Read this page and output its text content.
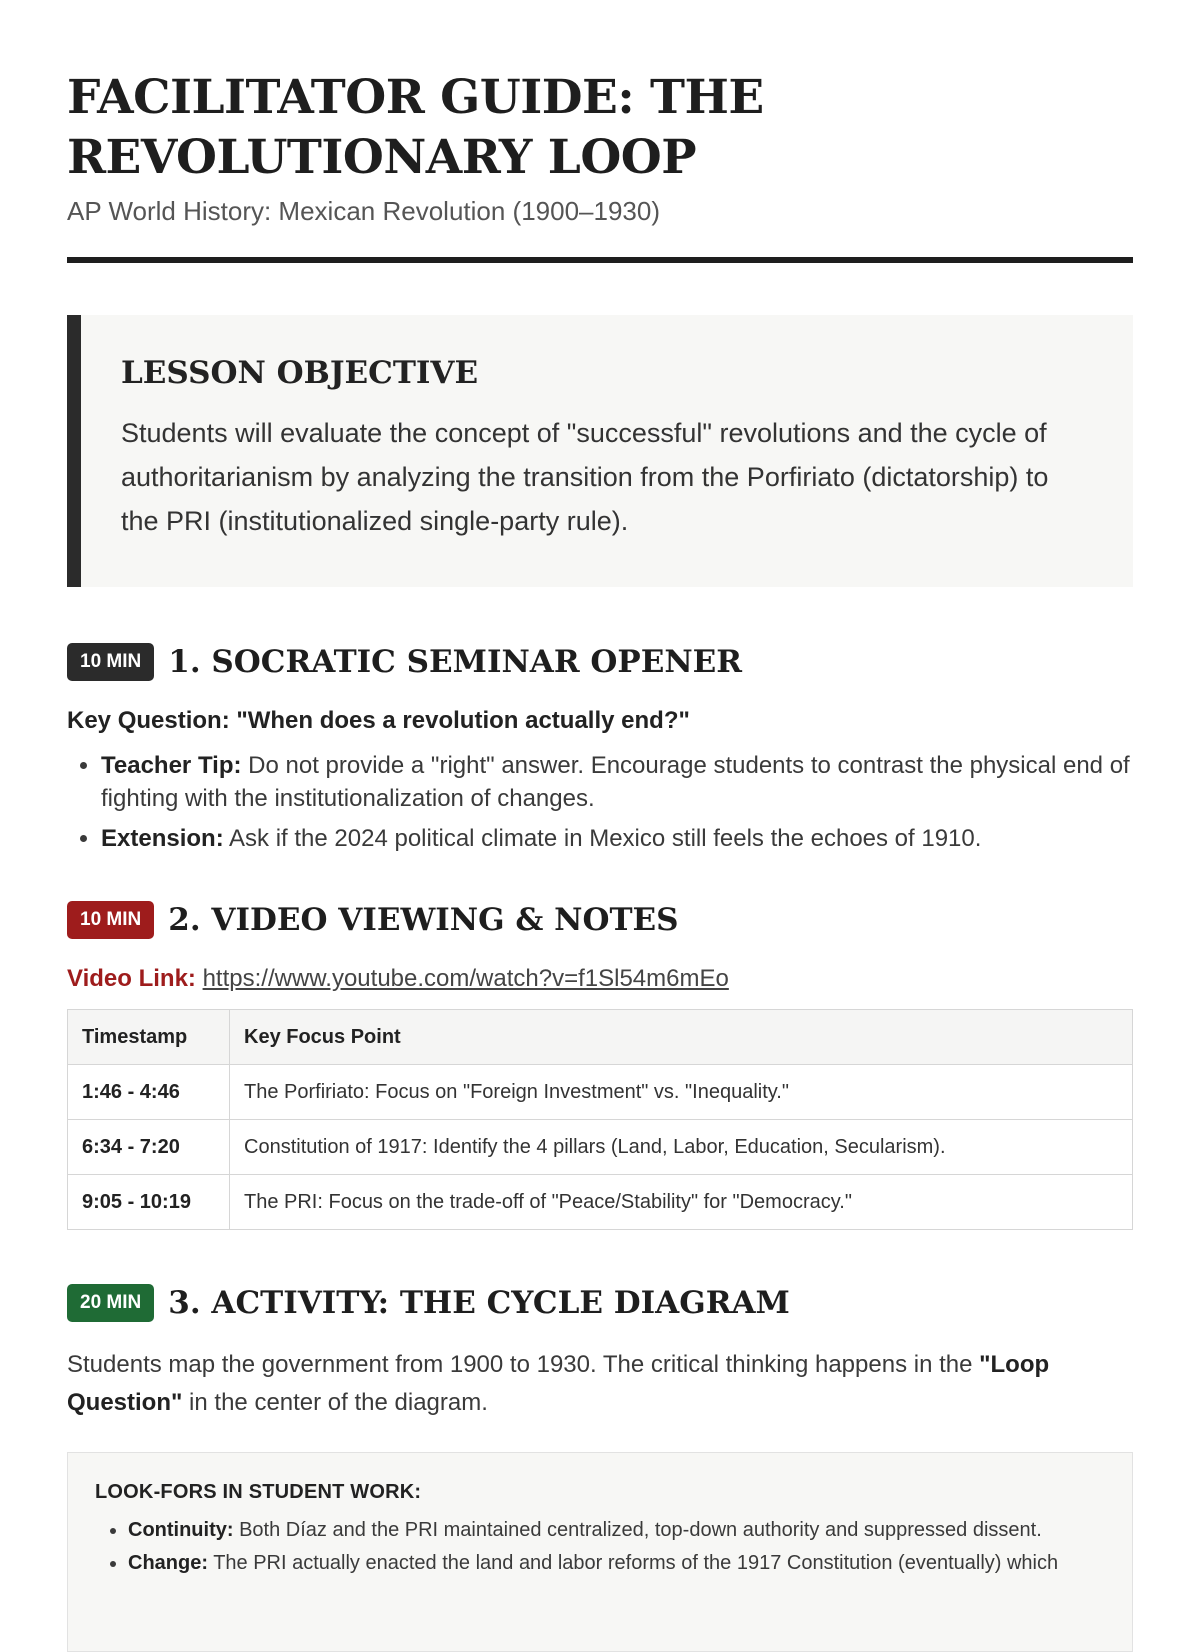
FACILITATOR GUIDE: THE REVOLUTIONARY LOOP
AP World History: Mexican Revolution (1900–1930)
LESSON OBJECTIVE

Students will evaluate the concept of "successful" revolutions and the cycle of authoritarianism by analyzing the transition from the Porfiriato (dictatorship) to the PRI (institutionalized single-party rule).

10 MIN 1. SOCRATIC SEMINAR OPENER
Key Question: "When does a revolution actually end?"
• Teacher Tip: Do not provide a "right" answer. Encourage students to contrast the physical end of fighting with the institutionalization of changes.
• Extension: Ask if the 2024 political climate in Mexico still feels the echoes of 1910.
10 MIN 2. VIDEO VIEWING & NOTES
Video Link: https://www.youtube.com/watch?v=f1Sl54m6mEo
Timestamp	Key Focus Point
1:46 - 4:46	The Porfiriato: Focus on "Foreign Investment" vs. "Inequality."
6:34 - 7:20	Constitution of 1917: Identify the 4 pillars (Land, Labor, Education, Secularism).
9:05 - 10:19	The PRI: Focus on the trade-off of "Peace/Stability" for "Democracy."
20 MIN 3. ACTIVITY: THE CYCLE DIAGRAM
Students map the government from 1900 to 1930. The critical thinking happens in the "Loop Question" in the center of the diagram.
LOOK-FORS IN STUDENT WORK:
• Continuity: Both Díaz and the PRI maintained centralized, top-down authority and suppressed dissent.
• Change: The PRI actually enacted the land and labor reforms of the 1917 Constitution (eventually) which
